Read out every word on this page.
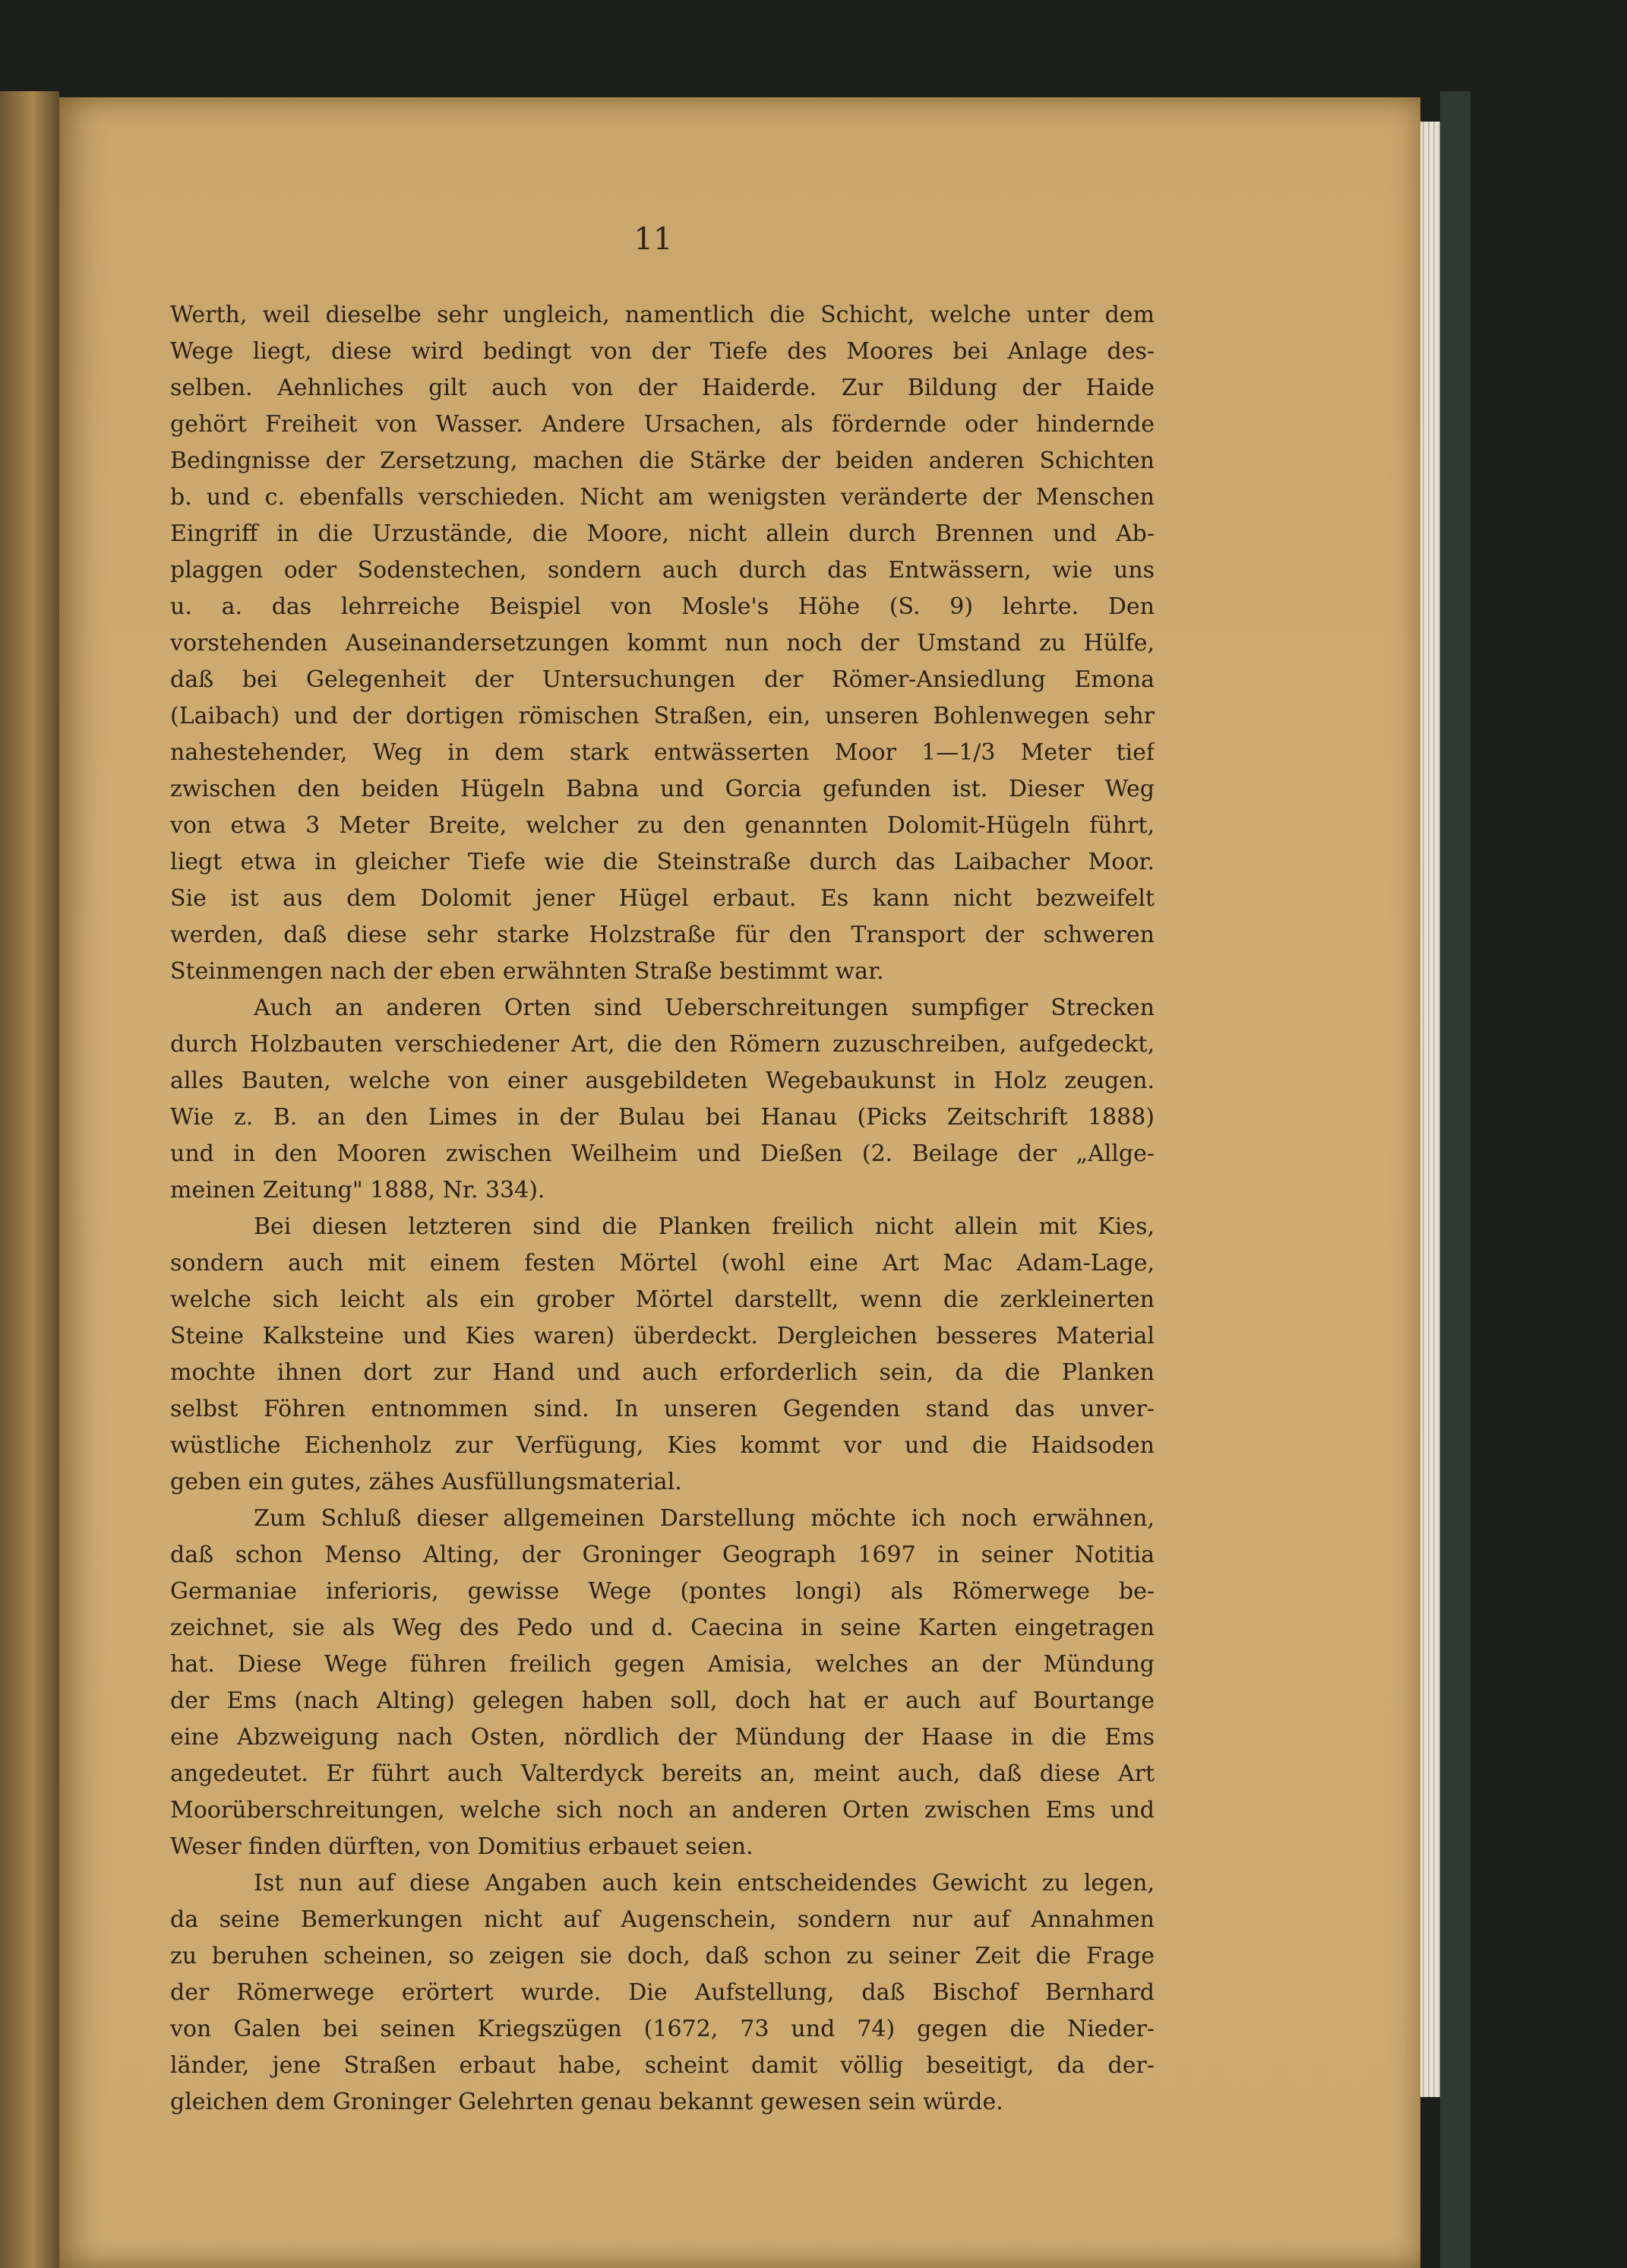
11
Werth, weil dieselbe sehr ungleich, namentlich die Schicht, welche unter dem
Wege liegt, diese wird bedingt von der Tiefe des Moores bei Anlage des-
selben. Aehnliches gilt auch von der Haiderde. Zur Bildung der Haide
gehört Freiheit von Wasser. Andere Ursachen, als fördernde oder hindernde
Bedingnisse der Zersetzung, machen die Stärke der beiden anderen Schichten
b. und c. ebenfalls verschieden. Nicht am wenigsten veränderte der Menschen
Eingriff in die Urzustände, die Moore, nicht allein durch Brennen und Ab-
plaggen oder Sodenstechen, sondern auch durch das Entwässern, wie uns
u. a. das lehrreiche Beispiel von Mosle's Höhe (S. 9) lehrte. Den
vorstehenden Auseinandersetzungen kommt nun noch der Umstand zu Hülfe,
daß bei Gelegenheit der Untersuchungen der Römer-Ansiedlung Emona
(Laibach) und der dortigen römischen Straßen, ein, unseren Bohlenwegen sehr
nahestehender, Weg in dem stark entwässerten Moor 1—1/3 Meter tief
zwischen den beiden Hügeln Babna und Gorcia gefunden ist. Dieser Weg
von etwa 3 Meter Breite, welcher zu den genannten Dolomit-Hügeln führt,
liegt etwa in gleicher Tiefe wie die Steinstraße durch das Laibacher Moor.
Sie ist aus dem Dolomit jener Hügel erbaut. Es kann nicht bezweifelt
werden, daß diese sehr starke Holzstraße für den Transport der schweren
Steinmengen nach der eben erwähnten Straße bestimmt war.
Auch an anderen Orten sind Ueberschreitungen sumpfiger Strecken
durch Holzbauten verschiedener Art, die den Römern zuzuschreiben, aufgedeckt,
alles Bauten, welche von einer ausgebildeten Wegebaukunst in Holz zeugen.
Wie z. B. an den Limes in der Bulau bei Hanau (Picks Zeitschrift 1888)
und in den Mooren zwischen Weilheim und Dießen (2. Beilage der „Allge-
meinen Zeitung" 1888, Nr. 334).
Bei diesen letzteren sind die Planken freilich nicht allein mit Kies,
sondern auch mit einem festen Mörtel (wohl eine Art Mac Adam-Lage,
welche sich leicht als ein grober Mörtel darstellt, wenn die zerkleinerten
Steine Kalksteine und Kies waren) überdeckt. Dergleichen besseres Material
mochte ihnen dort zur Hand und auch erforderlich sein, da die Planken
selbst Föhren entnommen sind. In unseren Gegenden stand das unver-
wüstliche Eichenholz zur Verfügung, Kies kommt vor und die Haidsoden
geben ein gutes, zähes Ausfüllungsmaterial.
Zum Schluß dieser allgemeinen Darstellung möchte ich noch erwähnen,
daß schon Menso Alting, der Groninger Geograph 1697 in seiner Notitia
Germaniae inferioris, gewisse Wege (pontes longi) als Römerwege be-
zeichnet, sie als Weg des Pedo und d. Caecina in seine Karten eingetragen
hat. Diese Wege führen freilich gegen Amisia, welches an der Mündung
der Ems (nach Alting) gelegen haben soll, doch hat er auch auf Bourtange
eine Abzweigung nach Osten, nördlich der Mündung der Haase in die Ems
angedeutet. Er führt auch Valterdyck bereits an, meint auch, daß diese Art
Moorüberschreitungen, welche sich noch an anderen Orten zwischen Ems und
Weser finden dürften, von Domitius erbauet seien.
Ist nun auf diese Angaben auch kein entscheidendes Gewicht zu legen,
da seine Bemerkungen nicht auf Augenschein, sondern nur auf Annahmen
zu beruhen scheinen, so zeigen sie doch, daß schon zu seiner Zeit die Frage
der Römerwege erörtert wurde. Die Aufstellung, daß Bischof Bernhard
von Galen bei seinen Kriegszügen (1672, 73 und 74) gegen die Nieder-
länder, jene Straßen erbaut habe, scheint damit völlig beseitigt, da der-
gleichen dem Groninger Gelehrten genau bekannt gewesen sein würde.
